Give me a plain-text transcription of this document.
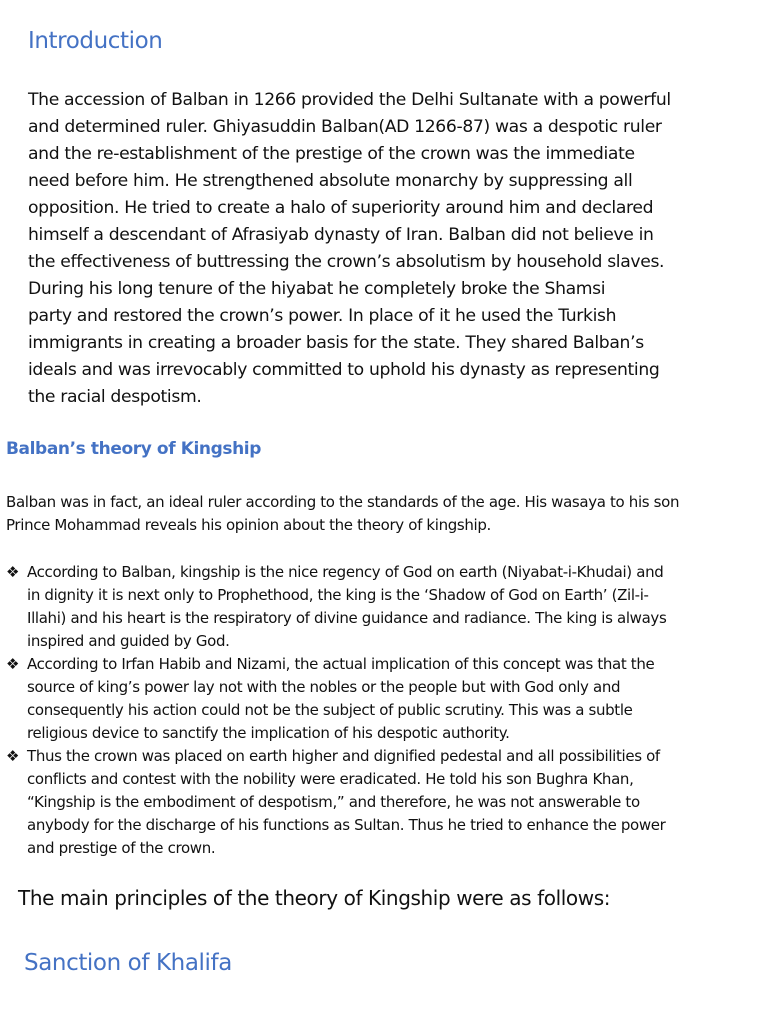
Introduction
The accession of Balban in 1266 provided the Delhi Sultanate with a powerful
and determined ruler. Ghiyasuddin Balban(AD 1266-87) was a despotic ruler
and the re-establishment of the prestige of the crown was the immediate
need before him. He strengthened absolute monarchy by suppressing all
opposition. He tried to create a halo of superiority around him and declared
himself a descendant of Afrasiyab dynasty of Iran. Balban did not believe in
the effectiveness of buttressing the crown’s absolutism by household slaves.
During his long tenure of the hiyabat he completely broke the Shamsi
party and restored the crown’s power. In place of it he used the Turkish
immigrants in creating a broader basis for the state. They shared Balban’s
ideals and was irrevocably committed to uphold his dynasty as representing
the racial despotism.
Balban’s theory of Kingship
Balban was in fact, an ideal ruler according to the standards of the age. His wasaya to his son
Prince Mohammad reveals his opinion about the theory of kingship.
❖ According to Balban, kingship is the nice regency of God on earth (Niyabat-i-Khudai) and
in dignity it is next only to Prophethood, the king is the ‘Shadow of God on Earth’ (Zil-i-
Illahi) and his heart is the respiratory of divine guidance and radiance. The king is always
inspired and guided by God.
❖ According to Irfan Habib and Nizami, the actual implication of this concept was that the
source of king’s power lay not with the nobles or the people but with God only and
consequently his action could not be the subject of public scrutiny. This was a subtle
religious device to sanctify the implication of his despotic authority.
❖ Thus the crown was placed on earth higher and dignified pedestal and all possibilities of
conflicts and contest with the nobility were eradicated. He told his son Bughra Khan,
“Kingship is the embodiment of despotism,” and therefore, he was not answerable to
anybody for the discharge of his functions as Sultan. Thus he tried to enhance the power
and prestige of the crown.

The main principles of the theory of Kingship were as follows:

Sanction of Khalifa
